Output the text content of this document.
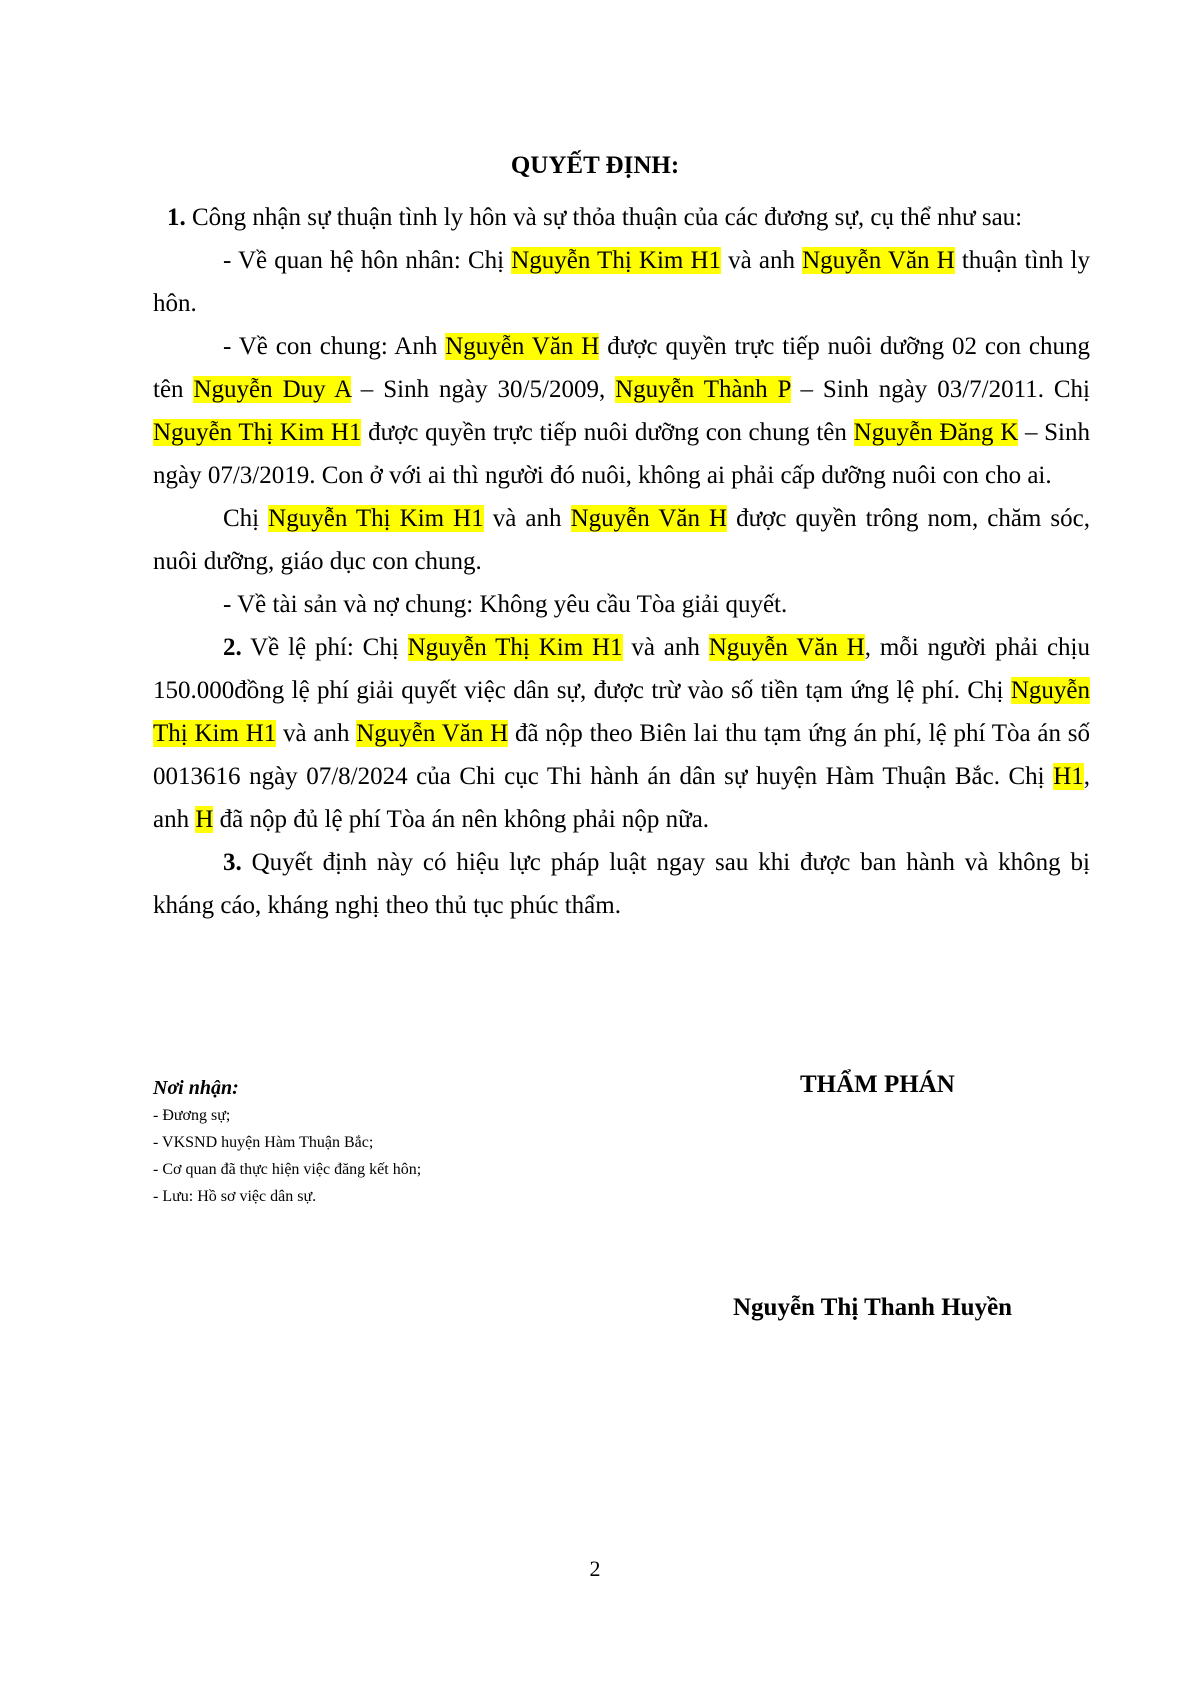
QUYẾT ĐỊNH:

1. Công nhận sự thuận tình ly hôn và sự thỏa thuận của các đương sự, cụ thể như sau:

- Về quan hệ hôn nhân: Chị Nguyễn Thị Kim H1 và anh Nguyễn Văn H thuận tình ly hôn.

- Về con chung: Anh Nguyễn Văn H được quyền trực tiếp nuôi dưỡng 02 con chung tên Nguyễn Duy A – Sinh ngày 30/5/2009, Nguyễn Thành P – Sinh ngày 03/7/2011. Chị Nguyễn Thị Kim H1 được quyền trực tiếp nuôi dưỡng con chung tên Nguyễn Đăng K – Sinh ngày 07/3/2019. Con ở với ai thì người đó nuôi, không ai phải cấp dưỡng nuôi con cho ai.

Chị Nguyễn Thị Kim H1 và anh Nguyễn Văn H được quyền trông nom, chăm sóc, nuôi dưỡng, giáo dục con chung.

- Về tài sản và nợ chung: Không yêu cầu Tòa giải quyết.

2. Về lệ phí: Chị Nguyễn Thị Kim H1 và anh Nguyễn Văn H, mỗi người phải chịu 150.000đồng lệ phí giải quyết việc dân sự, được trừ vào số tiền tạm ứng lệ phí. Chị Nguyễn Thị Kim H1 và anh Nguyễn Văn H đã nộp theo Biên lai thu tạm ứng án phí, lệ phí Tòa án số 0013616 ngày 07/8/2024 của Chi cục Thi hành án dân sự huyện Hàm Thuận Bắc. Chị H1, anh H đã nộp đủ lệ phí Tòa án nên không phải nộp nữa.

3. Quyết định này có hiệu lực pháp luật ngay sau khi được ban hành và không bị kháng cáo, kháng nghị theo thủ tục phúc thẩm.

Nơi nhận:
- Đương sự;
- VKSND huyện Hàm Thuận Bắc;
- Cơ quan đã thực hiện việc đăng kết hôn;
- Lưu: Hồ sơ việc dân sự.
THẨM PHÁN
Nguyễn Thị Thanh Huyền
2
